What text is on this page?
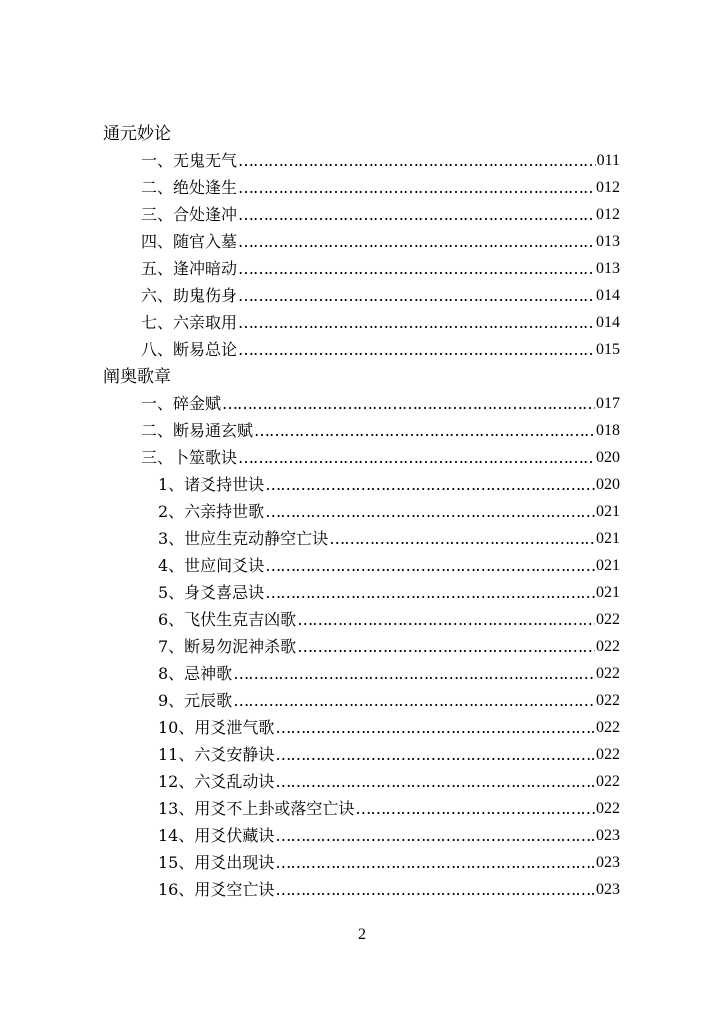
通元妙论
一、无鬼无气 …………………………………………………………………………………………………………………………………………………………	011
二、绝处逢生 …………………………………………………………………………………………………………………………………………………………	012
三、合处逢冲 …………………………………………………………………………………………………………………………………………………………	012
四、随官入墓 …………………………………………………………………………………………………………………………………………………………	013
五、逢冲暗动 …………………………………………………………………………………………………………………………………………………………	013
六、助鬼伤身 …………………………………………………………………………………………………………………………………………………………	014
七、六亲取用 …………………………………………………………………………………………………………………………………………………………	014
八、断易总论 …………………………………………………………………………………………………………………………………………………………	015
阐奥歌章
一、碎金赋 …………………………………………………………………………………………………………………………………………………………	017
二、断易通玄赋 …………………………………………………………………………………………………………………………………………………………	018
三、卜筮歌诀 …………………………………………………………………………………………………………………………………………………………	020
1、诸爻持世诀 …………………………………………………………………………………………………………………………………………………………	020
2、六亲持世歌 …………………………………………………………………………………………………………………………………………………………	021
3、世应生克动静空亡诀 …………………………………………………………………………………………………………………………………………………………	021
4、世应间爻诀 …………………………………………………………………………………………………………………………………………………………	021
5、身爻喜忌诀 …………………………………………………………………………………………………………………………………………………………	021
6、飞伏生克吉凶歌 …………………………………………………………………………………………………………………………………………………………	022
7、断易勿泥神杀歌 …………………………………………………………………………………………………………………………………………………………	022
8、忌神歌 …………………………………………………………………………………………………………………………………………………………	022
9、元辰歌 …………………………………………………………………………………………………………………………………………………………	022
10、用爻泄气歌 …………………………………………………………………………………………………………………………………………………………	022
11、六爻安静诀 …………………………………………………………………………………………………………………………………………………………	022
12、六爻乱动诀 …………………………………………………………………………………………………………………………………………………………	022
13、用爻不上卦或落空亡诀 …………………………………………………………………………………………………………………………………………………………	022
14、用爻伏藏诀 …………………………………………………………………………………………………………………………………………………………	023
15、用爻出现诀 …………………………………………………………………………………………………………………………………………………………	023
16、用爻空亡诀 …………………………………………………………………………………………………………………………………………………………	023
2
